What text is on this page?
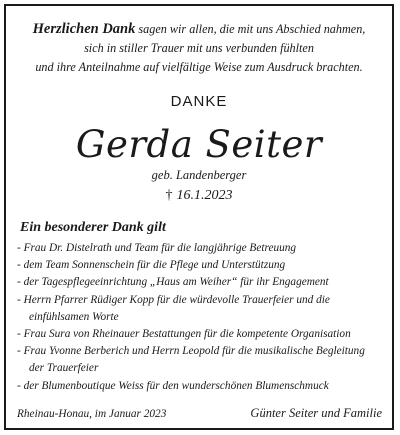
Herzlichen Dank sagen wir allen, die mit uns Abschied nahmen,
sich in stiller Trauer mit uns verbunden fühlten
und ihre Anteilnahme auf vielfältige Weise zum Ausdruck brachten.
DANKE
Gerda Seiter
geb. Landenberger
† 16.1.2023
Ein besonderer Dank gilt
- Frau Dr. Distelrath und Team für die langjährige Betreuung
- dem Team Sonnenschein für die Pflege und Unterstützung
- der Tagespflegeeinrichtung „Haus am Weiher“ für ihr Engagement
- Herrn Pfarrer Rüdiger Kopp für die würdevolle Trauerfeier und die
einfühlsamen Worte
- Frau Sura von Rheinauer Bestattungen für die kompetente Organisation
- Frau Yvonne Berberich und Herrn Leopold für die musikalische Begleitung
der Trauerfeier
- der Blumenboutique Weiss für den wunderschönen Blumenschmuck
Rheinau-Honau, im Januar 2023	Günter Seiter und Familie
